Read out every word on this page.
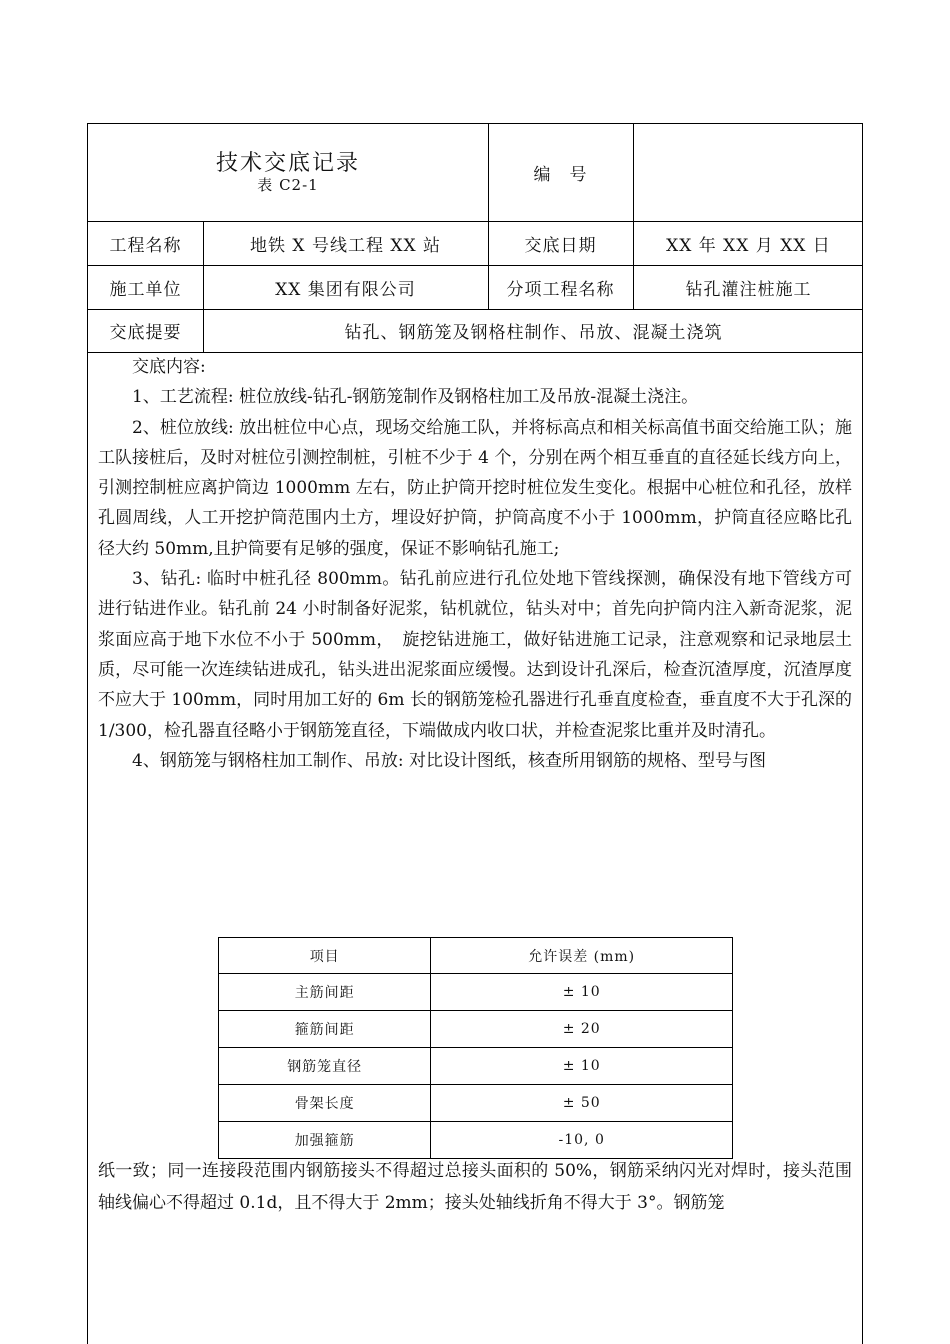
技术交底记录
表 C2-1	编　号
工程名称	地铁 X 号线工程 XX 站	交底日期	XX 年 XX 月 XX 日
施工单位	XX 集团有限公司	分项工程名称	钻孔灌注桩施工
交底提要	钻孔、钢筋笼及钢格柱制作、吊放、混凝土浇筑

交底内容:

1、工艺流程: 桩位放线-钻孔-钢筋笼制作及钢格柱加工及吊放-混凝土浇注。

2、桩位放线: 放出桩位中心点，现场交给施工队，并将标高点和相关标高值书面交给施工队；施工队接桩后，及时对桩位引测控制桩，引桩不少于 4 个，分别在两个相互垂直的直径延长线方向上，引测控制桩应离护筒边 1000mm 左右，防止护筒开挖时桩位发生变化。根据中心桩位和孔径，放样孔圆周线，人工开挖护筒范围内土方，埋设好护筒，护筒高度不小于 1000mm，护筒直径应略比孔径大约 50mm,且护筒要有足够的强度，保证不影响钻孔施工;

3、钻孔: 临时中桩孔径 800mm。钻孔前应进行孔位处地下管线探测，确保没有地下管线方可进行钻进作业。钻孔前 24 小时制备好泥浆，钻机就位，钻头对中；首先向护筒内注入新奇泥浆，泥浆面应高于地下水位不小于 500mm，　旋挖钻进施工，做好钻进施工记录，注意观察和记录地层土质，尽可能一次连续钻进成孔，钻头进出泥浆面应缓慢。达到设计孔深后，检查沉渣厚度，沉渣厚度不应大于 100mm，同时用加工好的 6m 长的钢筋笼检孔器进行孔垂直度检查，垂直度不大于孔深的 1/300，检孔器直径略小于钢筋笼直径，下端做成内收口状，并检查泥浆比重并及时清孔。

4、钢筋笼与钢格柱加工制作、吊放: 对比设计图纸，核查所用钢筋的规格、型号与图

项目	允许误差 (mm)
主筋间距	± 10
箍筋间距	± 20
钢筋笼直径	± 10
骨架长度	± 50
加强箍筋	-10, 0

纸一致；同一连接段范围内钢筋接头不得超过总接头面积的 50%，钢筋采纳闪光对焊时，接头范围轴线偏心不得超过 0.1d，且不得大于 2mm；接头处轴线折角不得大于 3°。钢筋笼
